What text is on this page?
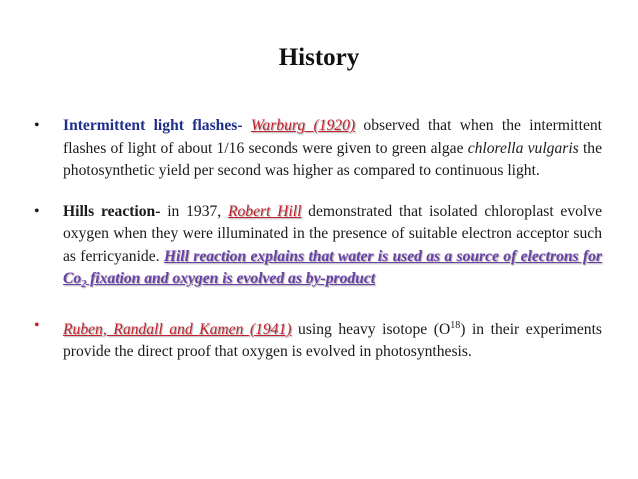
History
• Intermittent light flashes- Warburg (1920) observed that when the intermittent flashes of light of about 1/16 seconds were given to green algae chlorella vulgaris the photosynthetic yield per second was higher as compared to continuous light.
• Hills reaction- in 1937, Robert Hill demonstrated that isolated chloroplast evolve oxygen when they were illuminated in the presence of suitable electron acceptor such as ferricyanide. Hill reaction explains that water is used as a source of electrons for $Co_2$ fixation and oxygen is evolved as by-product
• Ruben, Randall and Kamen (1941) using heavy isotope $(O^{18})$ in their experiments provide the direct proof that oxygen is evolved in photosynthesis.
